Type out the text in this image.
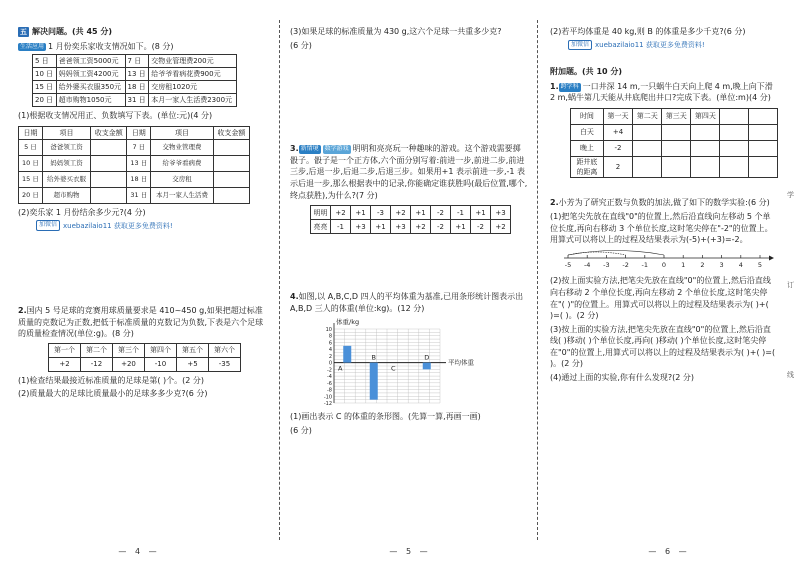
五 解决问题。(共 45 分)

生活应用 1 月份奕乐家收支情况如下。(8 分)

5 日	爸爸领工资5000元	7 日	交物业管理费200元
10 日	妈妈领工资4200元	13 日	给爷爷看病花费900元
15 日	给外婆买衣服350元	18 日	交房租1020元
20 日	超市购物1050元	31 日	本月一家人生活费2300元

(1)根据收支情况用正、负数填写下表。(单位:元)(4 分)

日期	项目	收支金额	日期	项目	收支金额
5 日	爸爸领工资		7 日	交物业管理费	
10 日	妈妈领工资		13 日	给爷爷看病费	
15 日	给外婆买衣服		18 日	交房租	
20 日	超市购物		31 日	本月一家人生活费	

(2)奕乐家 1 月份结余多少元?(4 分)

加微信 xuebazilaio11 获取更多免费资料!

2.国内 5 号足球的竞赛用球质量要求是 410~450 g,如果把超过标准质量的克数记为正数,把低于标准质量的克数记为负数,下表是六个足球的质量检查情况(单位:g)。(8 分)

第一个	第二个	第三个	第四个	第五个	第六个
+2	-12	+20	-10	+5	-35

(1)检查结果最接近标准质量的足球是第( )个。(2 分)

(2)质量最大的足球比质量最小的足球多多少克?(6 分)

— 4 —

(3)如果足球的标准质量为 430 g,这六个足球一共重多少克?

(6 分)

3. 新情境 数学游戏 明明和亮亮玩一种趣味的游戏。这个游戏需要掷骰子。骰子是一个正方体,六个面分别写着:前进一步,前进二步,前进三步,后退一步,后退二步,后退三步。如果用+1 表示前进一步,-1 表示后退一步,那么根据表中的记录,你能确定谁获胜吗(最后位置,哪个,终点获胜),为什么?(7 分)

明明	+2	+1	-3	+2	+1	-2	-1	+1	+3
亮亮	-1	+3	+1	+3	+2	-2	+1	-2	+2

4.如图,以 A,B,C,D 四人的平均体重为基准,已用条形统计图表示出 A,B,D 三人的体重(单位:kg)。(12 分)

体重/kg
10
8
6
4
2
0
-2
-4
-6
-8
-10
-12
平均体重
A
B
C
D

(1)画出表示 C 的体重的条形图。(先算一算,再画一画)

(6 分)

— 5 —

(2)若平均体重是 40 kg,则 B 的体重是多少千克?(6 分)

加微信 xuebazilaio11 获取更多免费资料!
附加题。(共 10 分)

1. 跨学科 一口井深 14 m,一只蜗牛白天向上爬 4 m,晚上向下滑 2 m,蜗牛第几天能从井底爬出井口?完成下表。(单位:m)(4 分)

时间	第一天	第二天	第三天	第四天		
白天	+4					
晚上	-2					
距井底的距离	2					

2.小芳为了研究正数与负数的加法,做了如下的数学实验:(6 分)

(1)把笔尖先放在直线"0"的位置上,然后沿直线向左移动 5 个单位长度,再向右移动 3 个单位长度,这时笔尖停在"-2"的位置上。用算式可以将以上的过程及结果表示为(-5)+(+3)=-2。

-5 -4 -3 -2 -1 0 1 2 3 4 5

(2)按上面实验方法,把笔尖先放在直线"0"的位置上,然后沿直线向右移动 2 个单位长度,再向左移动 2 个单位长度,这时笔尖停在"( )"的位置上。用算式可以将以上的过程及结果表示为( )+( )=( )。(2 分)

(3)按上面的实验方法,把笔尖先放在直线"0"的位置上,然后沿直线( )移动( )个单位长度,再向( )移动( )个单位长度,这时笔尖停在"0"的位置上,用算式可以将以上的过程及结果表示为( )+( )=( )。(2 分)

(4)通过上面的实验,你有什么发现?(2 分)

学
订
线
— 6 —
